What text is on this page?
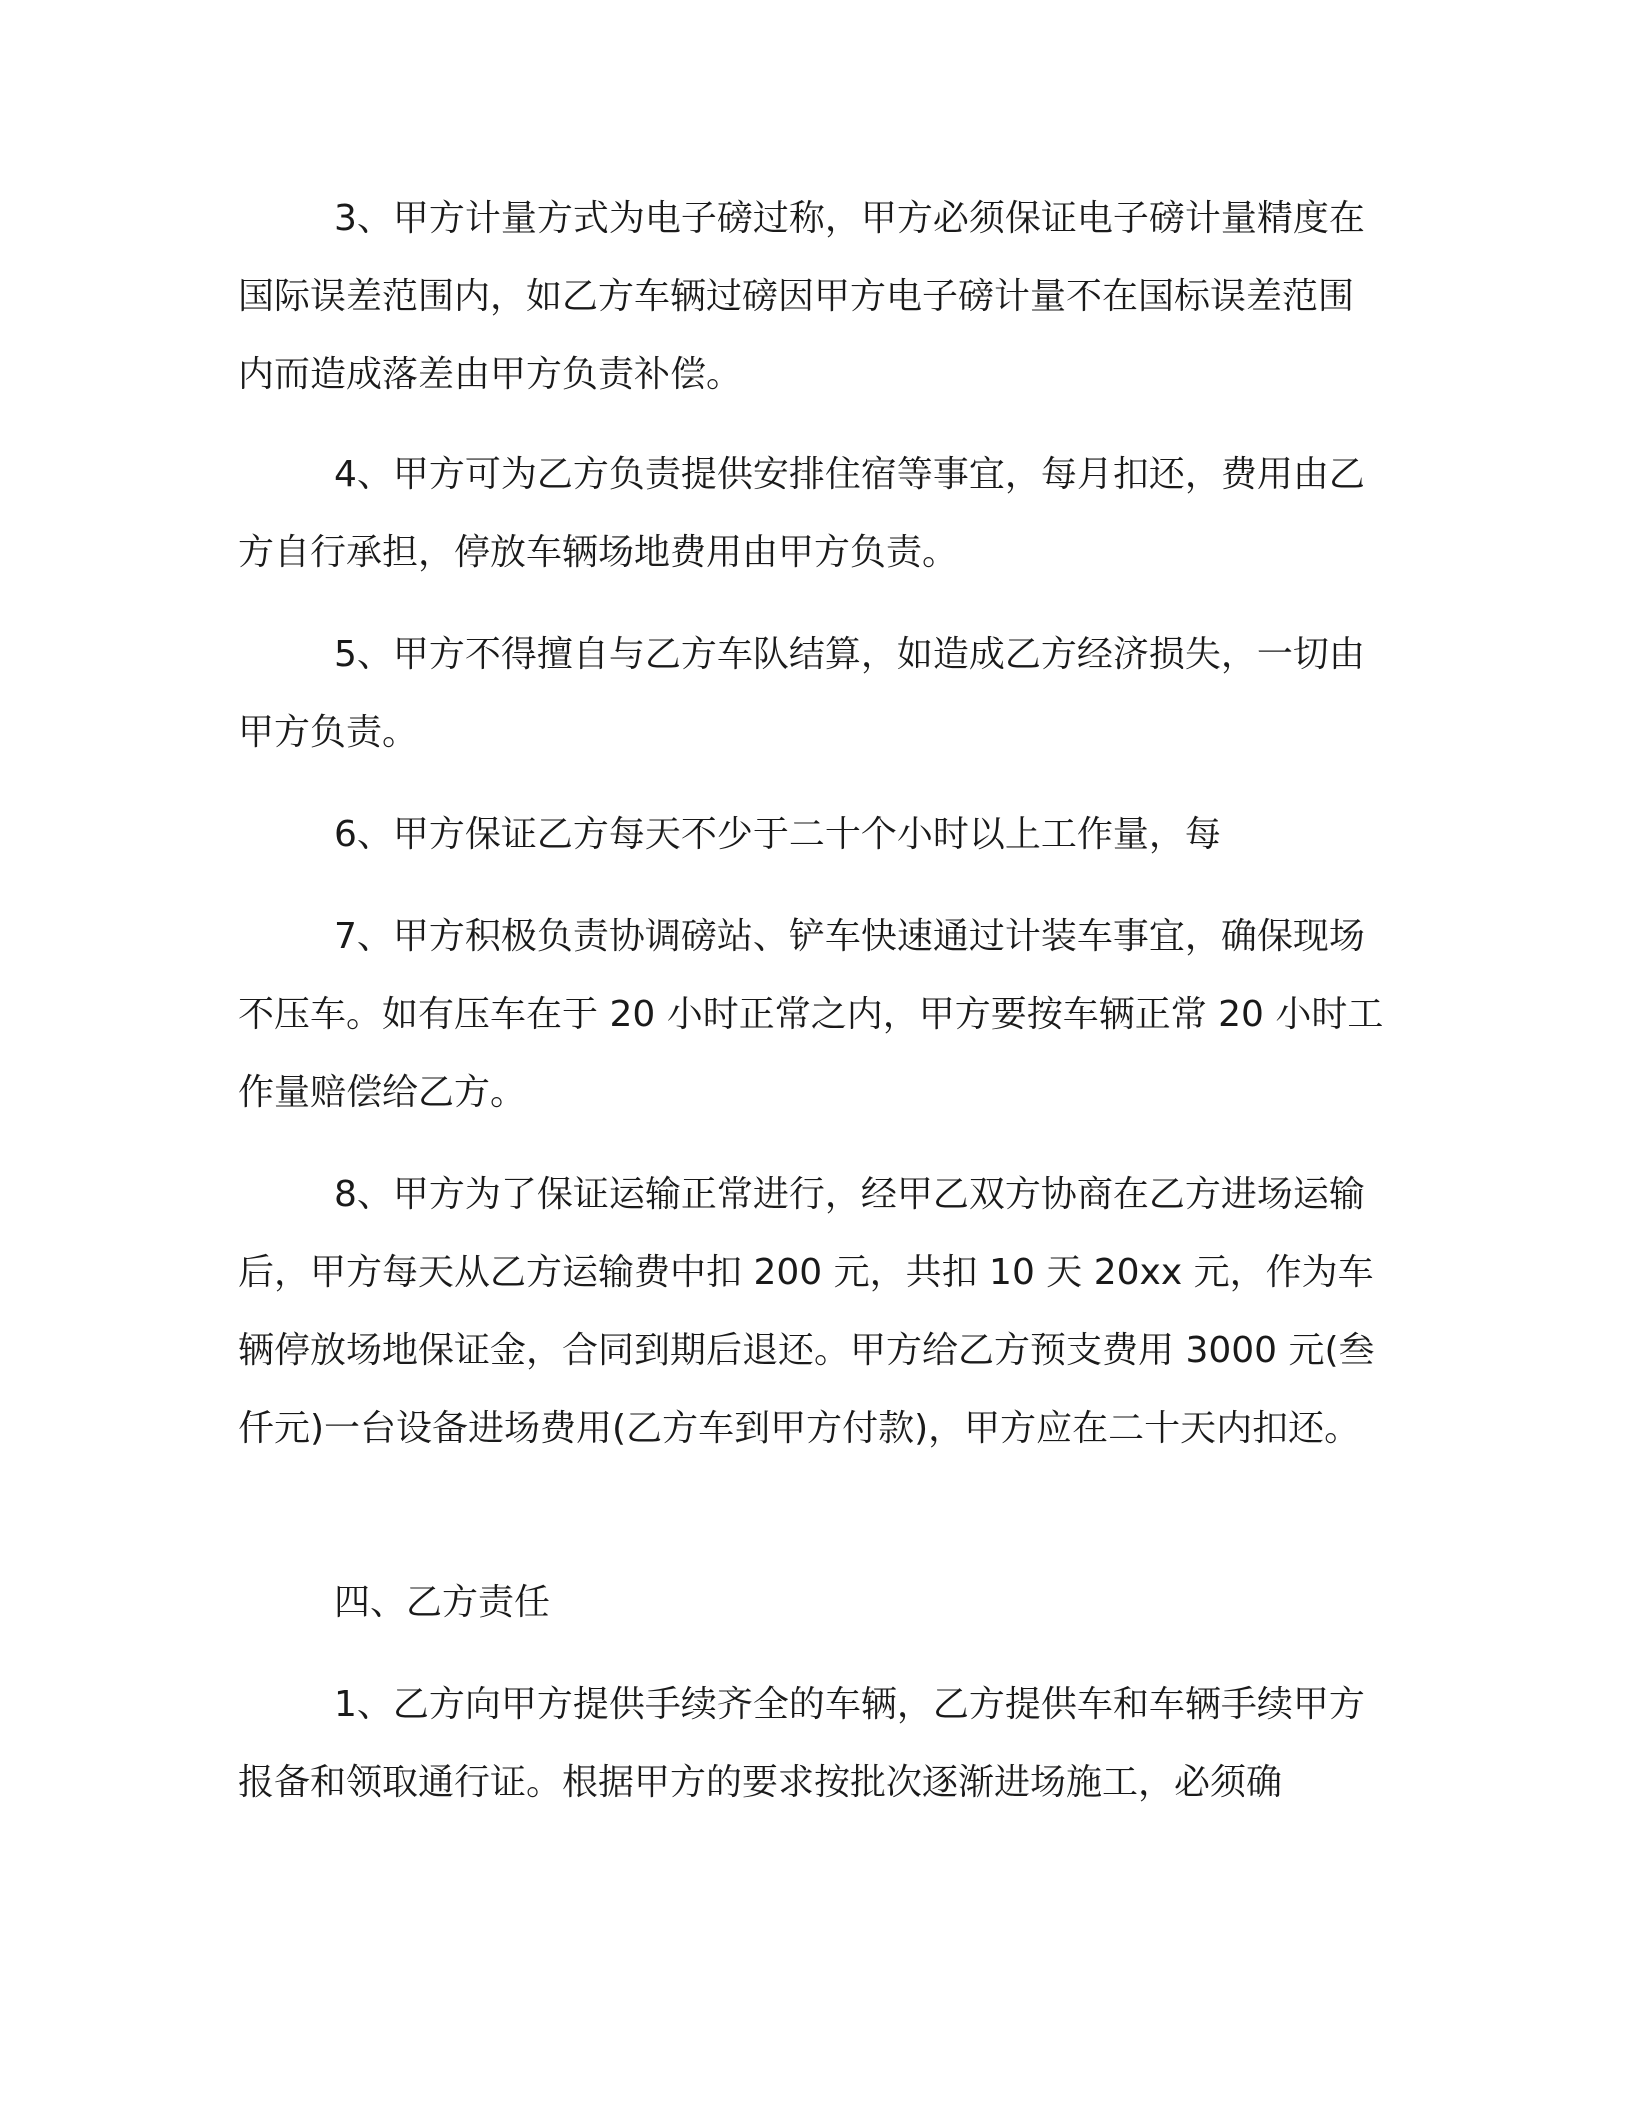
3、甲方计量方式为电子磅过称，甲方必须保证电子磅计量精度在国际误差范围内，如乙方车辆过磅因甲方电子磅计量不在国标误差范围内而造成落差由甲方负责补偿。

4、甲方可为乙方负责提供安排住宿等事宜，每月扣还，费用由乙方自行承担，停放车辆场地费用由甲方负责。

5、甲方不得擅自与乙方车队结算，如造成乙方经济损失，一切由甲方负责。

6、甲方保证乙方每天不少于二十个小时以上工作量，每

7、甲方积极负责协调磅站、铲车快速通过计装车事宜，确保现场不压车。如有压车在于 20 小时正常之内，甲方要按车辆正常 20 小时工作量赔偿给乙方。

8、甲方为了保证运输正常进行，经甲乙双方协商在乙方进场运输后，甲方每天从乙方运输费中扣 200 元，共扣 10 天 20xx 元，作为车辆停放场地保证金，合同到期后退还。甲方给乙方预支费用 3000 元(叁仟元)一台设备进场费用(乙方车到甲方付款)，甲方应在二十天内扣还。

四、乙方责任

1、乙方向甲方提供手续齐全的车辆，乙方提供车和车辆手续甲方报备和领取通行证。根据甲方的要求按批次逐渐进场施工，必须确
